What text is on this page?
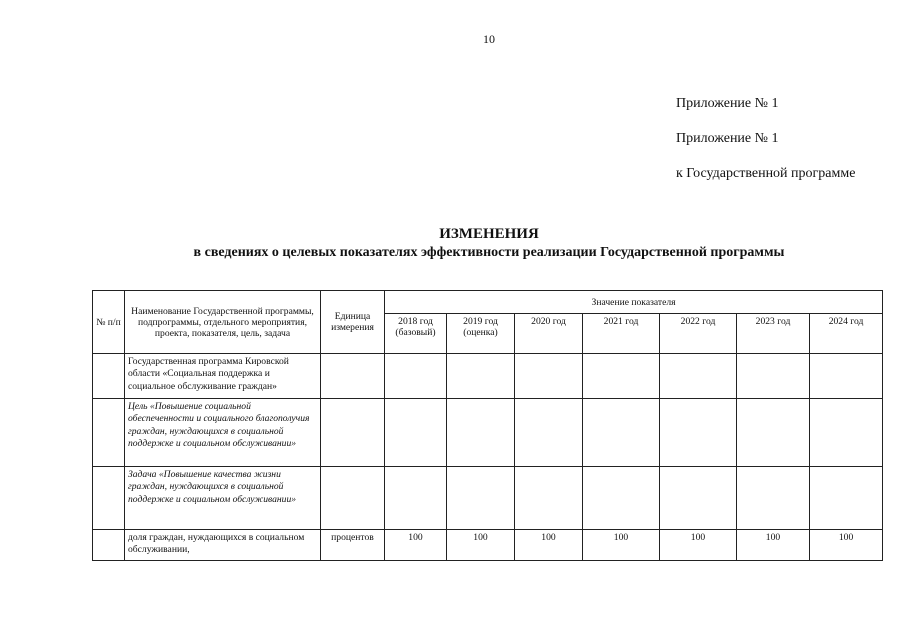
10
Приложение № 1
Приложение № 1
к Государственной программе
ИЗМЕНЕНИЯ
в сведениях о целевых показателях эффективности реализации Государственной программы
№ п/п	Наименование Государственной программы, подпрограммы, отдельного мероприятия, проекта, показателя, цель, задача	Единица измерения	Значение показателя						
			2018 год (базовый)	2019 год (оценка)	2020 год	2021 год	2022 год	2023 год	2024 год
	Государственная программа Кировской области «Социальная поддержка и социальное обслуживание граждан»								
	Цель «Повышение социальной обеспеченности и социального благополучия граждан, нуждающихся в социальной поддержке и социальном обслуживании»								
	Задача «Повышение качества жизни граждан, нуждающихся в социальной поддержке и социальном обслуживании»								
	доля граждан, нуждающихся в социальном обслуживании,	процентов	100	100	100	100	100	100	100
